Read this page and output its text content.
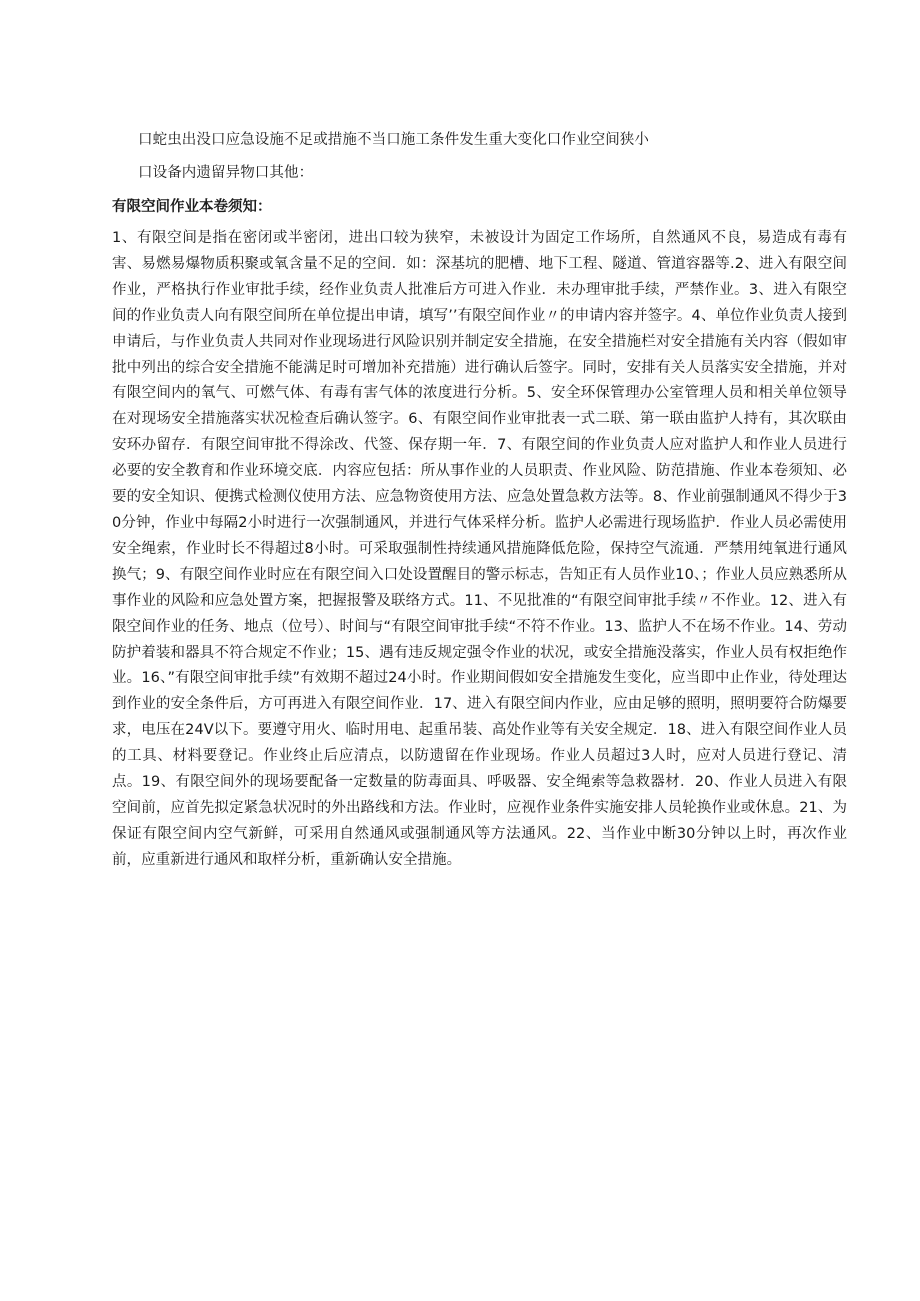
口蛇虫出没口应急设施不足或措施不当口施工条件发生重大变化口作业空间狭小
口设备内遗留异物口其他：
有限空间作业本卷须知：
1、有限空间是指在密闭或半密闭，进出口较为狭窄，未被设计为固定工作场所，自然通风不良，易造成有毒有害、易燃易爆物质积聚或氧含量不足的空间．如：深基坑的肥槽、地下工程、隧道、管道容器等.2、进入有限空间作业，严格执行作业审批手续，经作业负责人批准后方可进入作业．未办理审批手续，严禁作业。3、进入有限空间的作业负责人向有限空间所在单位提出申请，填写’’有限空间作业〃的申请内容并签字。4、单位作业负责人接到申请后，与作业负责人共同对作业现场进行风险识别并制定安全措施，在安全措施栏对安全措施有关内容（假如审批中列出的综合安全措施不能满足时可增加补充措施）进行确认后签字。同时，安排有关人员落实安全措施，并对有限空间内的氧气、可燃气体、有毒有害气体的浓度进行分析。5、安全环保管理办公室管理人员和相关单位领导在对现场安全措施落实状况检查后确认签字。6、有限空间作业审批表一式二联、第一联由监护人持有，其次联由安环办留存．有限空间审批不得涂改、代签、保存期一年．7、有限空间的作业负责人应对监护人和作业人员进行必要的安全教育和作业环境交底．内容应包括：所从事作业的人员职责、作业风险、防范措施、作业本卷须知、必要的安全知识、便携式检测仪使用方法、应急物资使用方法、应急处置急救方法等。8、作业前强制通风不得少于30分钟，作业中每隔2小时进行一次强制通风，并进行气体采样分析。监护人必需进行现场监护．作业人员必需使用安全绳索，作业时长不得超过8小时。可采取强制性持续通风措施降低危险，保持空气流通．严禁用纯氧进行通风换气；9、有限空间作业时应在有限空间入口处设置醒目的警示标志，告知正有人员作业10、；作业人员应熟悉所从事作业的风险和应急处置方案，把握报警及联络方式。11、不见批准的“有限空间审批手续〃不作业。12、进入有限空间作业的任务、地点（位号）、时间与“有限空间审批手续“不符不作业。13、监护人不在场不作业。14、劳动防护着装和器具不符合规定不作业；15、遇有违反规定强令作业的状况，或安全措施没落实，作业人员有权拒绝作业。16、”有限空间审批手续”有效期不超过24小时。作业期间假如安全措施发生变化，应当即中止作业，待处理达到作业的安全条件后，方可再进入有限空间作业．17、进入有限空间内作业，应由足够的照明，照明要符合防爆要求，电压在24V以下。要遵守用火、临时用电、起重吊装、高处作业等有关安全规定．18、进入有限空间作业人员的工具、材料要登记。作业终止后应清点，以防遗留在作业现场。作业人员超过3人时，应对人员进行登记、清点。19、有限空间外的现场要配备一定数量的防毒面具、呼吸器、安全绳索等急救器材．20、作业人员进入有限空间前，应首先拟定紧急状况时的外出路线和方法。作业时，应视作业条件实施安排人员轮换作业或休息。21、为保证有限空间内空气新鲜，可采用自然通风或强制通风等方法通风。22、当作业中断30分钟以上时，再次作业前，应重新进行通风和取样分析，重新确认安全措施。
